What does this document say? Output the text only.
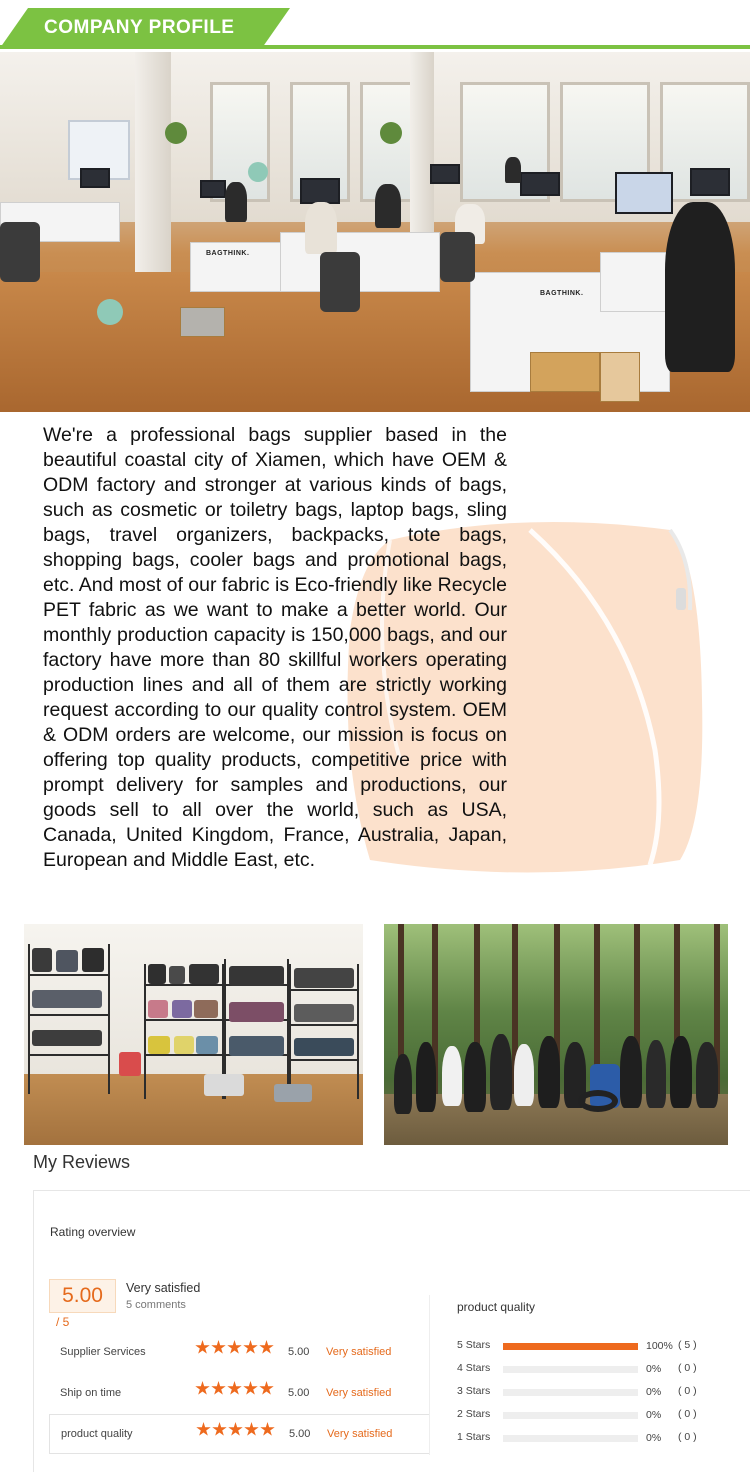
COMPANY PROFILE
BAGTHINK.
BAGTHINK.

We're a professional bags supplier based in the beautiful coastal city of Xiamen, which have OEM & ODM factory and stronger at various kinds of bags, such as cosmetic or toiletry bags, laptop bags, sling bags, travel organizers, backpacks, tote bags, shopping bags, cooler bags and promotional bags, etc. And most of our fabric is Eco-friendly like Recycle PET fabric as we want to make a better world. Our monthly production capacity is 150,000 bags, and our factory have more than 80 skillful workers operating production lines and all of them are strictly working request according to our quality control system. OEM & ODM orders are welcome, our mission is focus on offering top quality products, competitive price with prompt delivery for samples and productions, our goods sell to all over the world, such as USA, Canada, United Kingdom, France, Australia, Japan, European and Middle East, etc.

My Reviews
Rating overview
5.00
/ 5
Very satisfied
5 comments
Supplier Services	5.00 Very satisfied
Ship on time	5.00 Very satisfied
product quality	5.00 Very satisfied
product quality
5 Stars	100% ( 5 )
4 Stars	0% ( 0 )
3 Stars	0% ( 0 )
2 Stars	0% ( 0 )
1 Stars	0% ( 0 )
